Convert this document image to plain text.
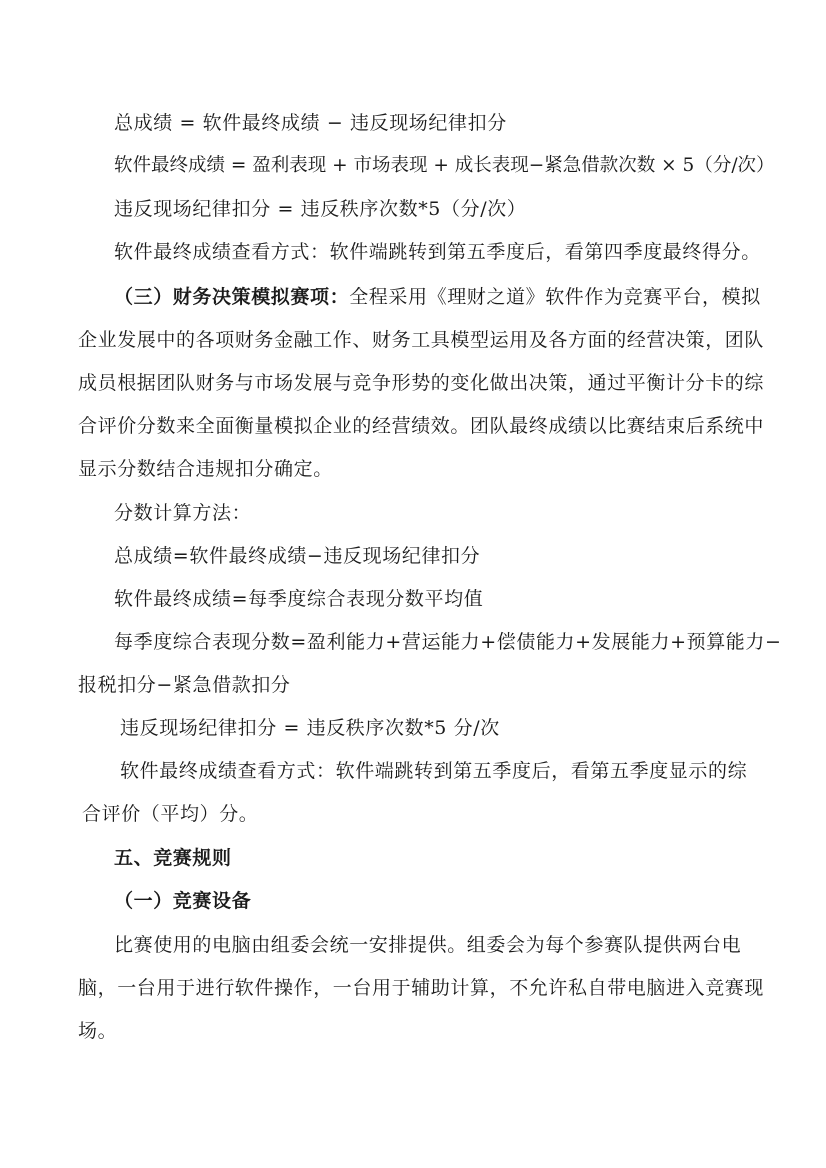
总成绩 = 软件最终成绩 − 违反现场纪律扣分
软件最终成绩 = 盈利表现 + 市场表现 + 成长表现−紧急借款次数 × 5（分/次）
违反现场纪律扣分 = 违反秩序次数*5（分/次）
软件最终成绩查看方式：软件端跳转到第五季度后，看第四季度最终得分。
（三）财务决策模拟赛项：全程采用《理财之道》软件作为竞赛平台，模拟
企业发展中的各项财务金融工作、财务工具模型运用及各方面的经营决策，团队
成员根据团队财务与市场发展与竞争形势的变化做出决策，通过平衡计分卡的综
合评价分数来全面衡量模拟企业的经营绩效。团队最终成绩以比赛结束后系统中
显示分数结合违规扣分确定。
分数计算方法：
总成绩=软件最终成绩−违反现场纪律扣分
软件最终成绩=每季度综合表现分数平均值
每季度综合表现分数=盈利能力+营运能力+偿债能力+发展能力+预算能力−
报税扣分−紧急借款扣分
违反现场纪律扣分 = 违反秩序次数*5 分/次
软件最终成绩查看方式：软件端跳转到第五季度后，看第五季度显示的综
合评价（平均）分。
五、竞赛规则
（一）竞赛设备
比赛使用的电脑由组委会统一安排提供。组委会为每个参赛队提供两台电
脑，一台用于进行软件操作，一台用于辅助计算，不允许私自带电脑进入竞赛现
场。
